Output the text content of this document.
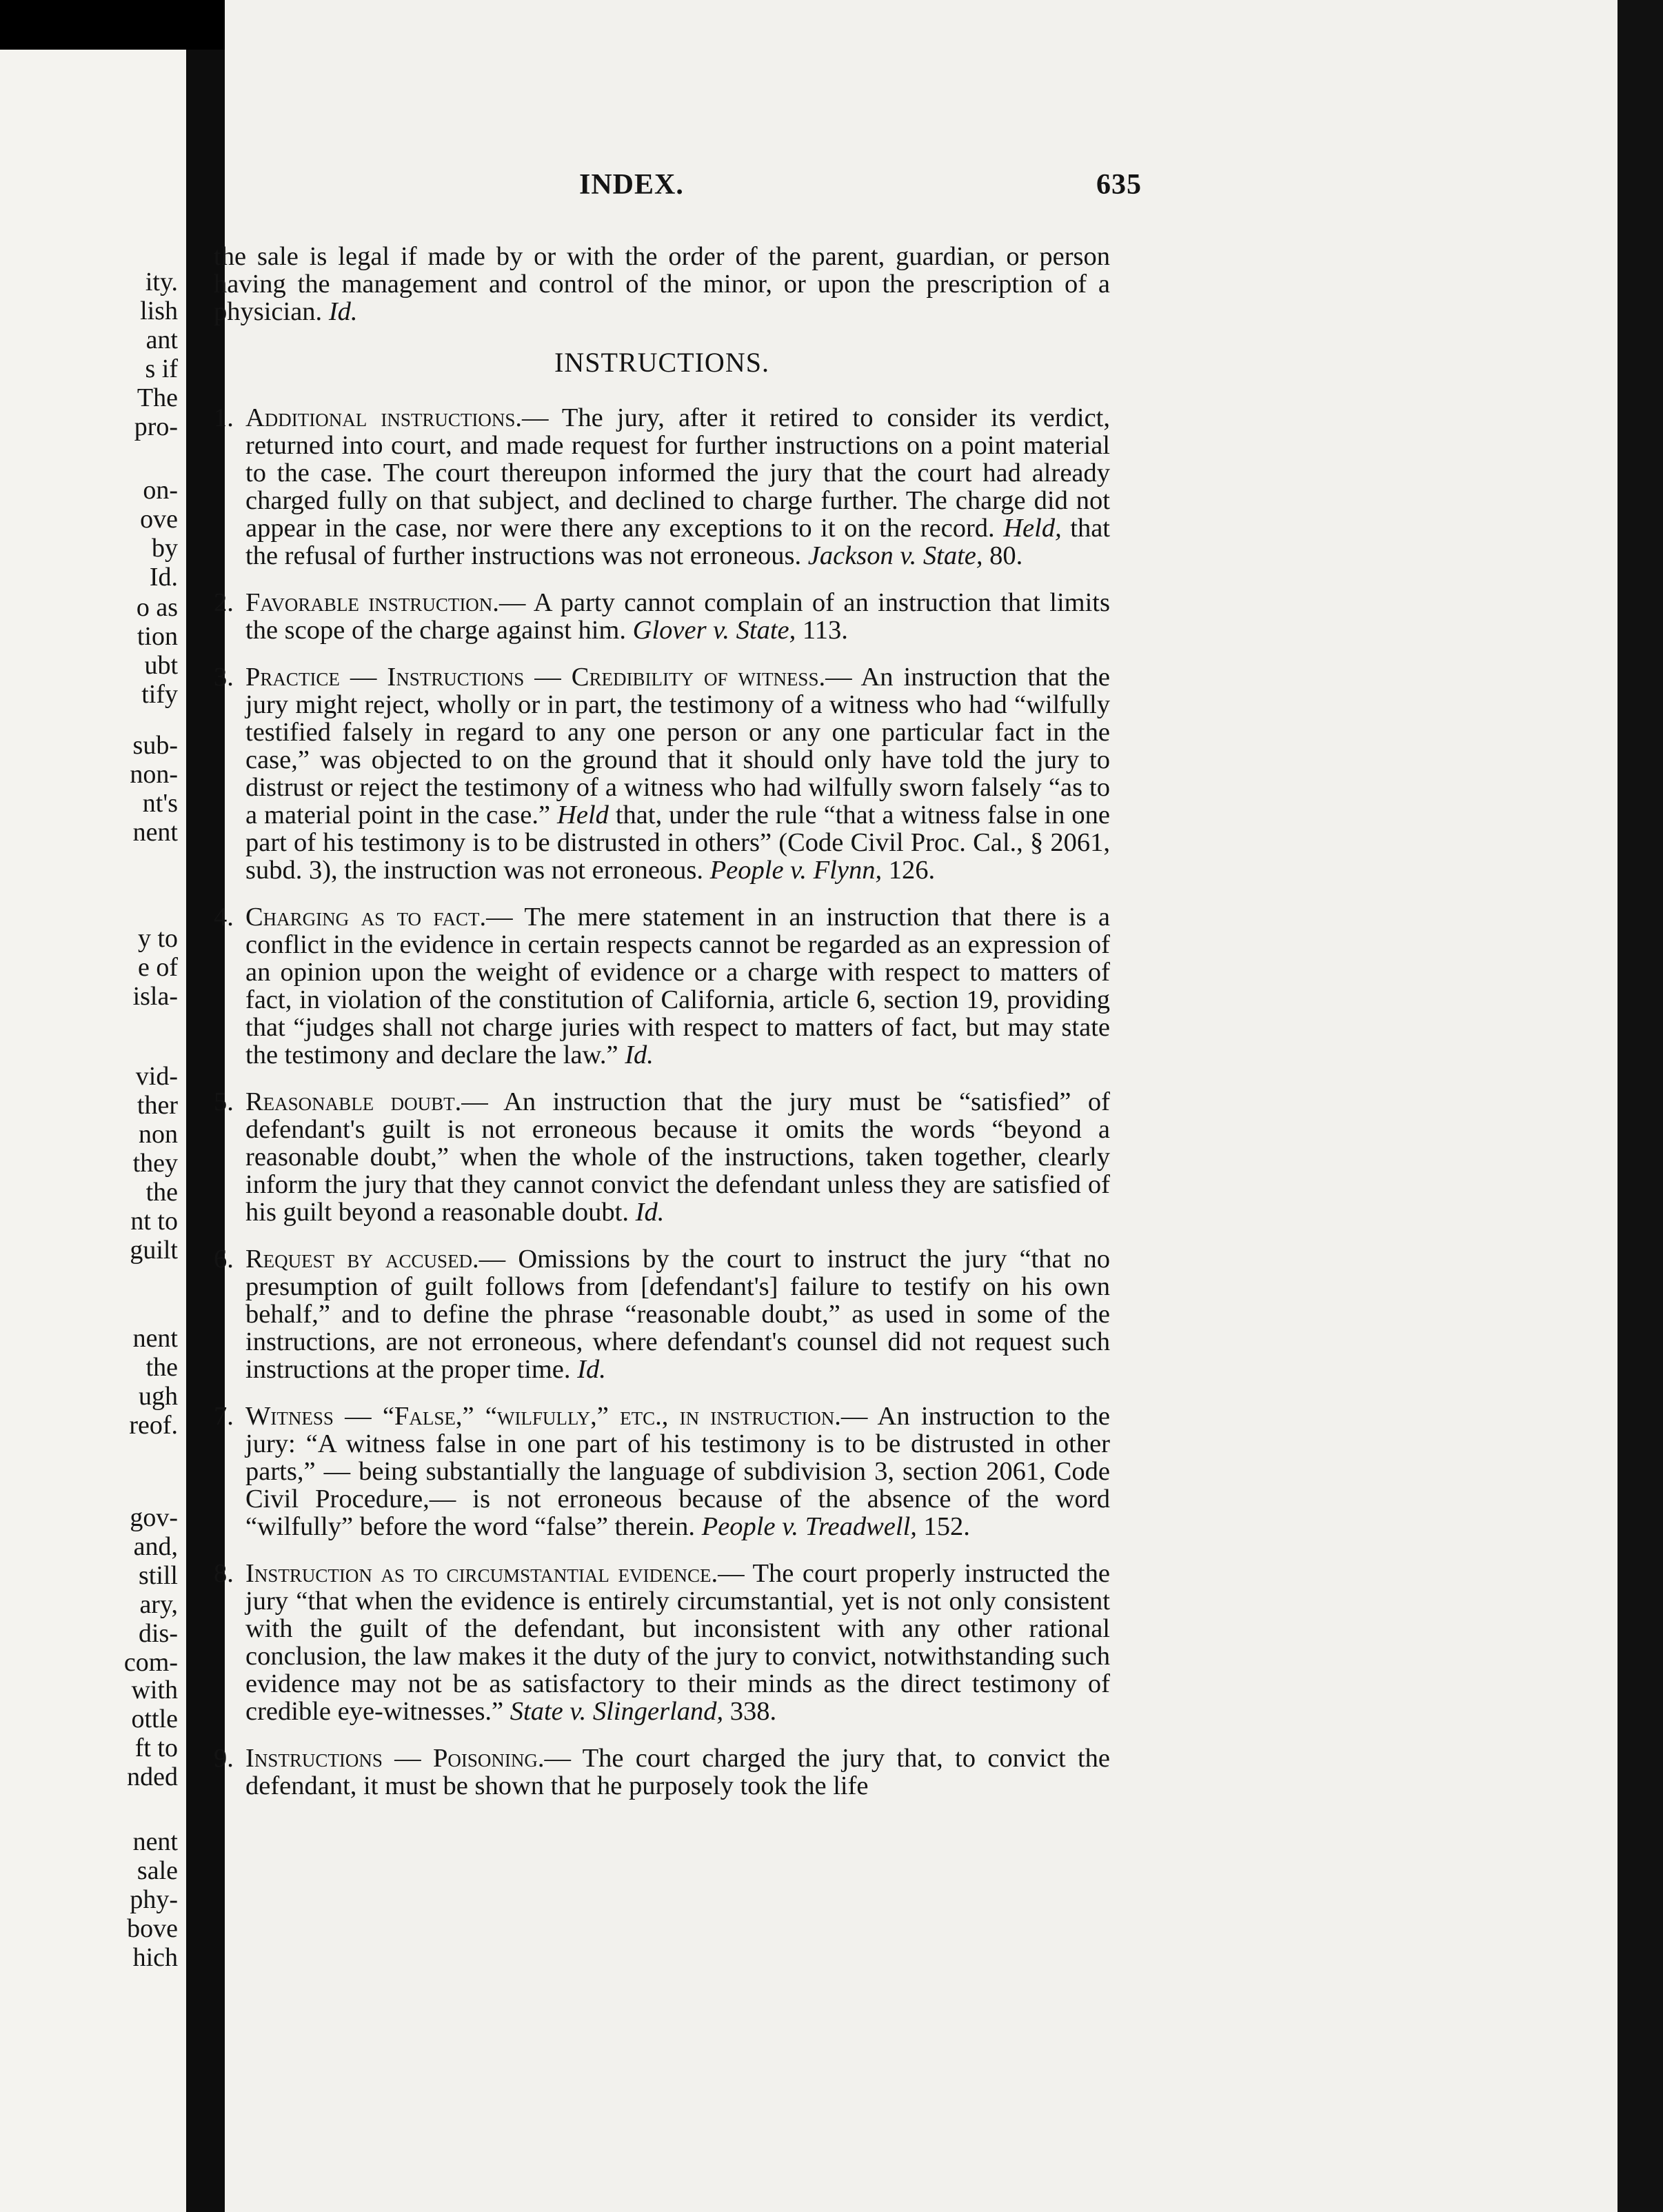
ity.
lish
ant
s if
The
pro-
on-
ove
by
Id.
o as
tion
ubt
tify
sub-
non-
nt's
nent
y to
e of
isla-
vid-
ther
non
they
the
nt to
guilt
nent
the
ugh
reof.
gov-
and,
still
ary,
dis-
com-
with
ottle
ft to
nded
nent
sale
phy-
bove
hich
INDEX.	635

the sale is legal if made by or with the order of the parent, guardian, or person having the management and control of the minor, or upon the prescription of a physician. Id.

INSTRUCTIONS.
1. Additional instructions.— The jury, after it retired to consider its verdict, returned into court, and made request for further instructions on a point material to the case. The court thereupon informed the jury that the court had already charged fully on that subject, and declined to charge further. The charge did not appear in the case, nor were there any exceptions to it on the record. Held, that the refusal of further instructions was not erroneous. Jackson v. State, 80.
2. Favorable instruction.— A party cannot complain of an instruction that limits the scope of the charge against him. Glover v. State, 113.
3. Practice — Instructions — Credibility of witness.— An instruction that the jury might reject, wholly or in part, the testimony of a witness who had “wilfully testified falsely in regard to any one person or any one particular fact in the case,” was objected to on the ground that it should only have told the jury to distrust or reject the testimony of a witness who had wilfully sworn falsely “as to a material point in the case.” Held that, under the rule “that a witness false in one part of his testimony is to be distrusted in others” (Code Civil Proc. Cal., § 2061, subd. 3), the instruction was not erroneous. People v. Flynn, 126.
4. Charging as to fact.— The mere statement in an instruction that there is a conflict in the evidence in certain respects cannot be regarded as an expression of an opinion upon the weight of evidence or a charge with respect to matters of fact, in violation of the constitution of California, article 6, section 19, providing that “judges shall not charge juries with respect to matters of fact, but may state the testimony and declare the law.” Id.
5. Reasonable doubt.— An instruction that the jury must be “satisfied” of defendant's guilt is not erroneous because it omits the words “beyond a reasonable doubt,” when the whole of the instructions, taken together, clearly inform the jury that they cannot convict the defendant unless they are satisfied of his guilt beyond a reasonable doubt. Id.
6. Request by accused.— Omissions by the court to instruct the jury “that no presumption of guilt follows from [defendant's] failure to testify on his own behalf,” and to define the phrase “reasonable doubt,” as used in some of the instructions, are not erroneous, where defendant's counsel did not request such instructions at the proper time. Id.
7. Witness — “False,” “wilfully,” etc., in instruction.— An instruction to the jury: “A witness false in one part of his testimony is to be distrusted in other parts,” — being substantially the language of subdivision 3, section 2061, Code Civil Procedure,— is not erroneous because of the absence of the word “wilfully” before the word “false” therein. People v. Treadwell, 152.
8. Instruction as to circumstantial evidence.— The court properly instructed the jury “that when the evidence is entirely circumstantial, yet is not only consistent with the guilt of the defendant, but inconsistent with any other rational conclusion, the law makes it the duty of the jury to convict, notwithstanding such evidence may not be as satisfactory to their minds as the direct testimony of credible eye-witnesses.” State v. Slingerland, 338.
9. Instructions — Poisoning.— The court charged the jury that, to convict the defendant, it must be shown that he purposely took the life
